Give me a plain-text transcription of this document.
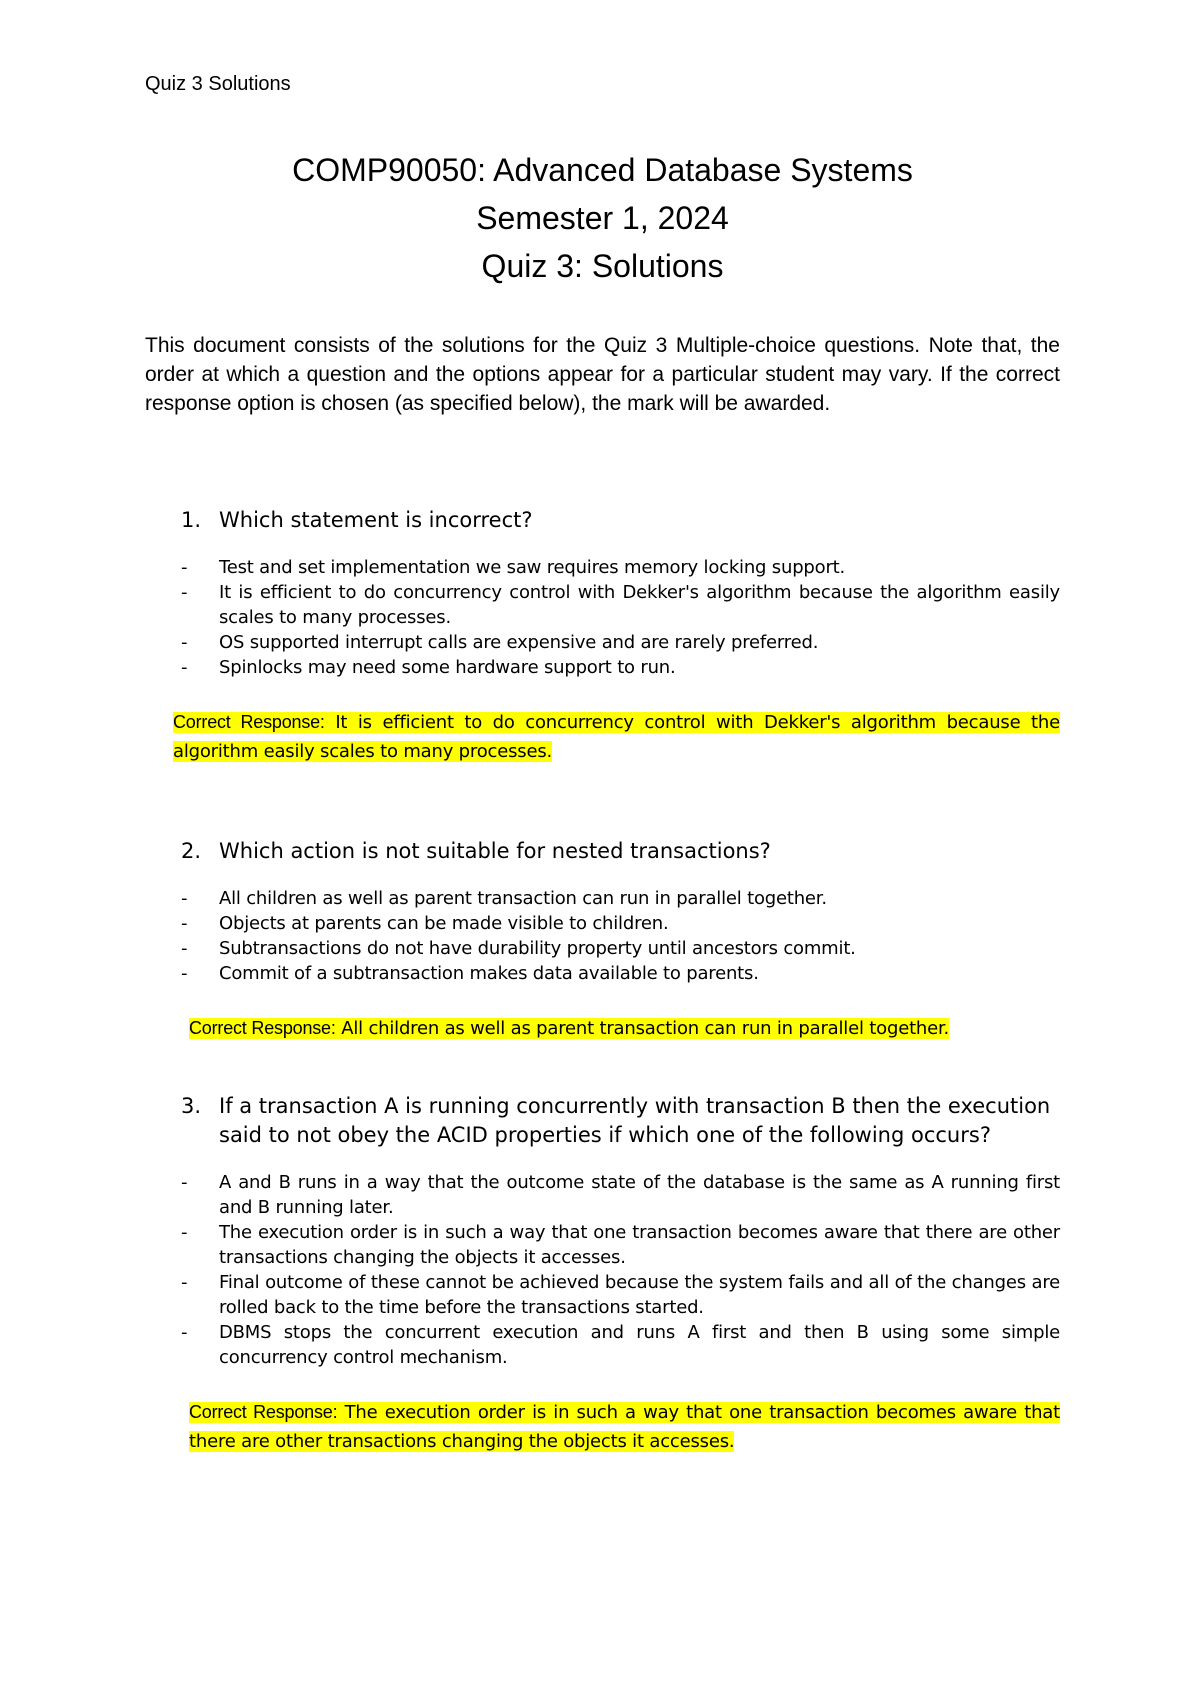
Quiz 3 Solutions
COMP90050: Advanced Database Systems
Semester 1, 2024
Quiz 3: Solutions

This document consists of the solutions for the Quiz 3 Multiple-choice questions. Note that, the order at which a question and the options appear for a particular student may vary. If the correct response option is chosen (as specified below), the mark will be awarded.

1. Which statement is incorrect?
- Test and set implementation we saw requires memory locking support.
- It is efficient to do concurrency control with Dekker's algorithm because the algorithm easily scales to many processes.
- OS supported interrupt calls are expensive and are rarely preferred.
- Spinlocks may need some hardware support to run.
Correct Response: It is efficient to do concurrency control with Dekker's algorithm because the algorithm easily scales to many processes.
2. Which action is not suitable for nested transactions?
- All children as well as parent transaction can run in parallel together.
- Objects at parents can be made visible to children.
- Subtransactions do not have durability property until ancestors commit.
- Commit of a subtransaction makes data available to parents.
Correct Response: All children as well as parent transaction can run in parallel together.
3. If a transaction A is running concurrently with transaction B then the execution said to not obey the ACID properties if which one of the following occurs?
- A and B runs in a way that the outcome state of the database is the same as A running first and B running later.
- The execution order is in such a way that one transaction becomes aware that there are other transactions changing the objects it accesses.
- Final outcome of these cannot be achieved because the system fails and all of the changes are rolled back to the time before the transactions started.
- DBMS stops the concurrent execution and runs A first and then B using some simple concurrency control mechanism.
Correct Response: The execution order is in such a way that one transaction becomes aware that there are other transactions changing the objects it accesses.
